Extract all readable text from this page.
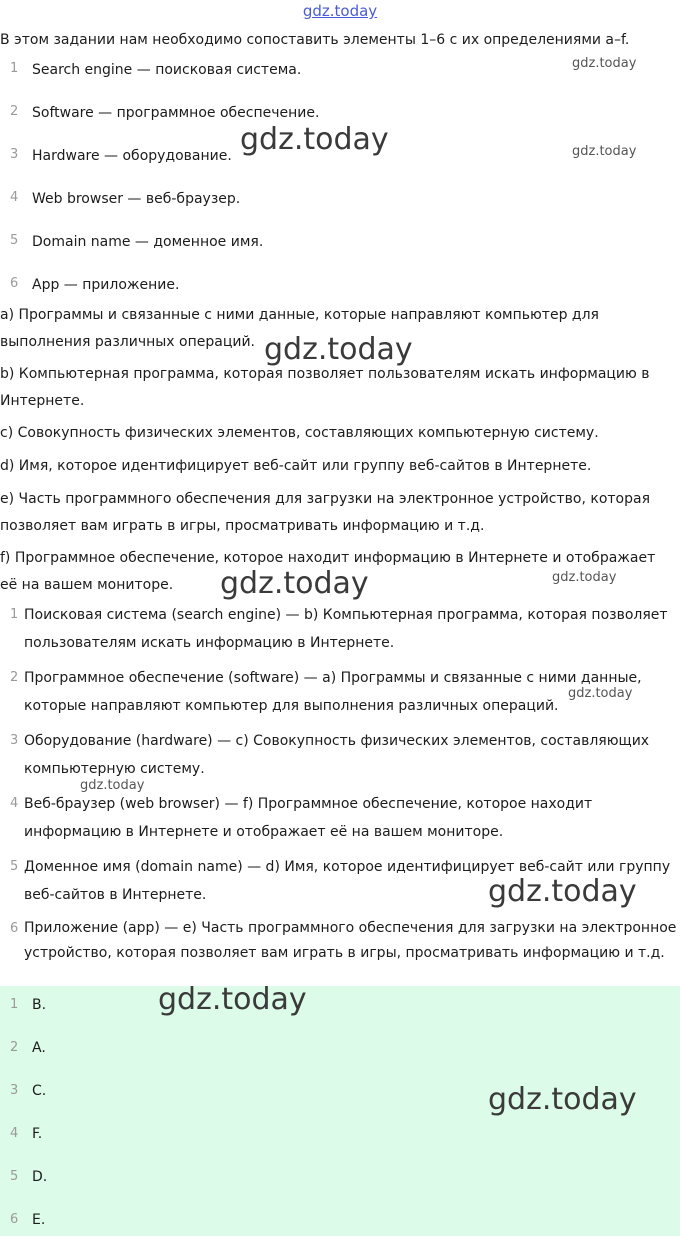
gdz.today
В этом задании нам необходимо сопоставить элементы 1–6 с их определениями a–f.
1 Search engine — поисковая система.
2 Software — программное обеспечение.
3 Hardware — оборудование.
4 Web browser — веб-браузер.
5 Domain name — доменное имя.
6 App — приложение.
a) Программы и связанные с ними данные, которые направляют компьютер для выполнения различных операций.
b) Компьютерная программа, которая позволяет пользователям искать информацию в Интернете.
c) Совокупность физических элементов, составляющих компьютерную систему.
d) Имя, которое идентифицирует веб-сайт или группу веб-сайтов в Интернете.
e) Часть программного обеспечения для загрузки на электронное устройство, которая позволяет вам играть в игры, просматривать информацию и т.д.
f) Программное обеспечение, которое находит информацию в Интернете и отображает её на вашем мониторе.
1 Поисковая система (search engine) — b) Компьютерная программа, которая позволяет пользователям искать информацию в Интернете.
2 Программное обеспечение (software) — a) Программы и связанные с ними данные, которые направляют компьютер для выполнения различных операций.
3 Оборудование (hardware) — c) Совокупность физических элементов, составляющих компьютерную систему.
4 Веб-браузер (web browser) — f) Программное обеспечение, которое находит информацию в Интернете и отображает её на вашем мониторе.
5 Доменное имя (domain name) — d) Имя, которое идентифицирует веб-сайт или группу веб-сайтов в Интернете.
6 Приложение (app) — e) Часть программного обеспечения для загрузки на электронное устройство, которая позволяет вам играть в игры, просматривать информацию и т.д.
1 B.
2 A.
3 C.
4 F.
5 D.
6 E.
gdz.today
gdz.today	gdz.today
gdz.today
gdz.today	gdz.today
gdz.today
gdz.today
gdz.today
gdz.today
gdz.today
